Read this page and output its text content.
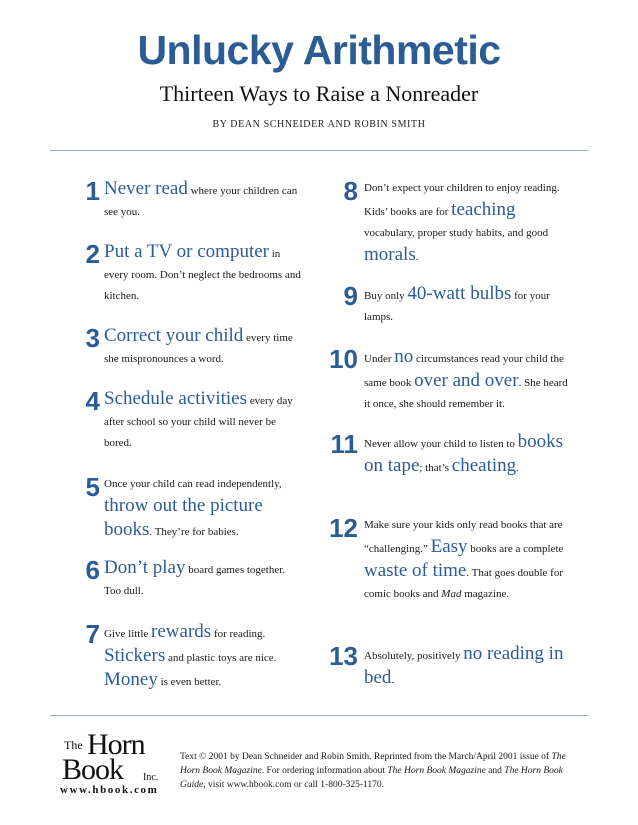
Unlucky Arithmetic
Thirteen Ways to Raise a Nonreader
BY DEAN SCHNEIDER AND ROBIN SMITH
1 Never read where your children can see you.
2 Put a TV or computer in every room. Don’t neglect the bedrooms and kitchen.
3 Correct your child every time she mispronounces a word.
4 Schedule activities every day after school so your child will never be bored.
5 Once your child can read independently, throw out the picture books. They’re for babies.
6 Don’t play board games together. Too dull.
7 Give little rewards for reading. Stickers and plastic toys are nice. Money is even better.
8 Don’t expect your children to enjoy reading. Kids’ books are for teaching vocabulary, proper study habits, and good morals.
9 Buy only 40-watt bulbs for your lamps.
10 Under no circumstances read your child the same book over and over. She heard it once, she should remember it.
11 Never allow your child to listen to books on tape; that’s cheating.
12 Make sure your kids only read books that are “challenging.” Easy books are a complete waste of time. That goes double for comic books and Mad magazine.
13 Absolutely, positively no reading in bed.
The Horn
Book Inc.
www.hbook.com
Text © 2001 by Dean Schneider and Robin Smith. Reprinted from the March/April 2001 issue of The Horn Book Magazine. For ordering information about The Horn Book Magazine and The Horn Book Guide, visit www.hbook.com or call 1-800-325-1170.
